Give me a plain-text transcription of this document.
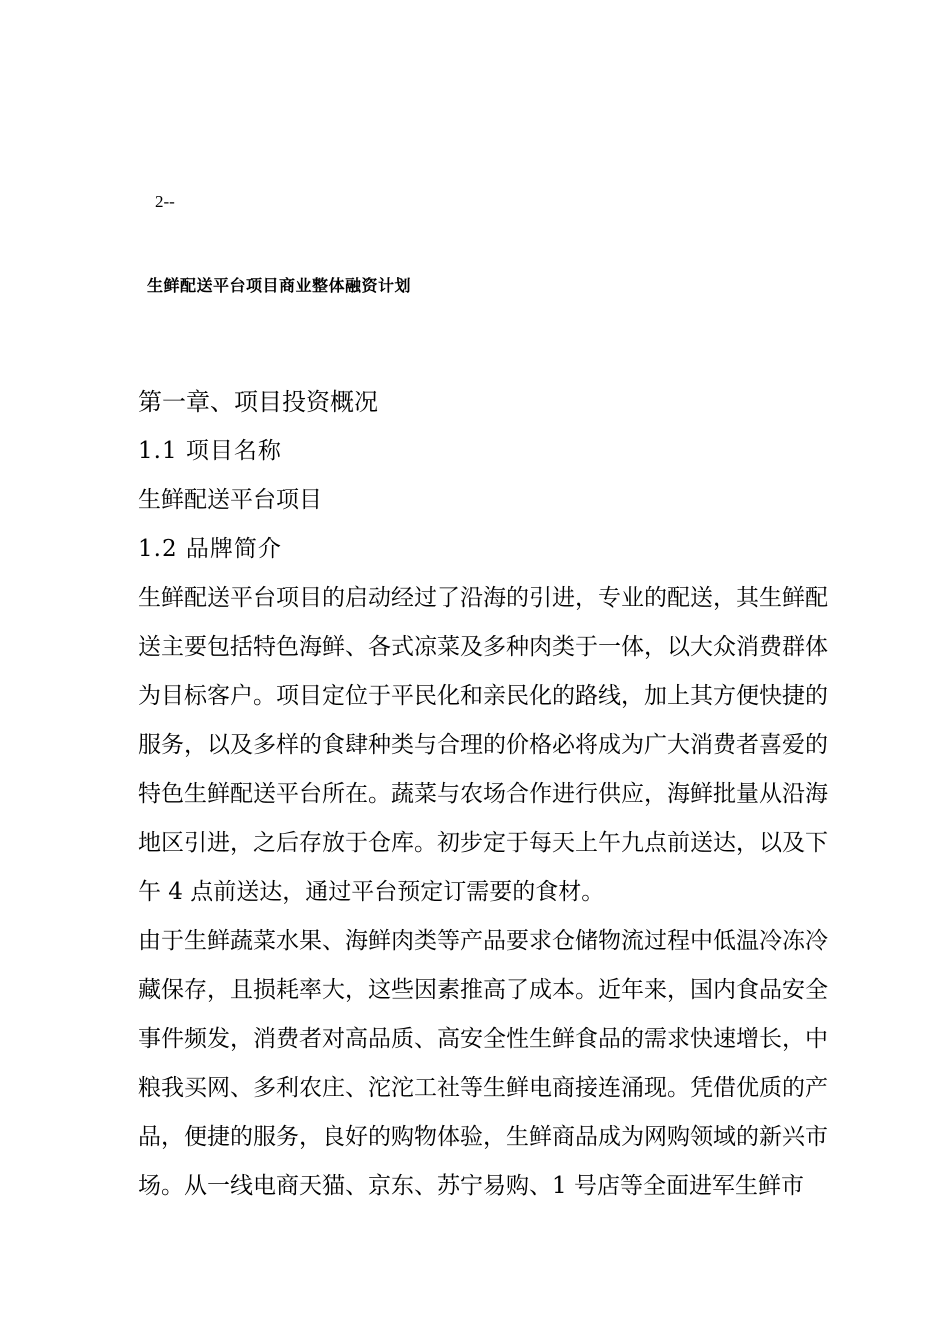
2--
生鲜配送平台项目商业整体融资计划
第一章、项目投资概况
1.1 项目名称
生鲜配送平台项目
1.2 品牌简介
生鲜配送平台项目的启动经过了沿海的引进，专业的配送，其生鲜配
送主要包括特色海鲜、各式凉菜及多种肉类于一体，以大众消费群体
为目标客户。项目定位于平民化和亲民化的路线，加上其方便快捷的
服务，以及多样的食肆种类与合理的价格必将成为广大消费者喜爱的
特色生鲜配送平台所在。蔬菜与农场合作进行供应，海鲜批量从沿海
地区引进，之后存放于仓库。初步定于每天上午九点前送达，以及下
午 4 点前送达，通过平台预定订需要的食材。
由于生鲜蔬菜水果、海鲜肉类等产品要求仓储物流过程中低温冷冻冷
藏保存，且损耗率大，这些因素推高了成本。近年来，国内食品安全
事件频发，消费者对高品质、高安全性生鲜食品的需求快速增长，中
粮我买网、多利农庄、沱沱工社等生鲜电商接连涌现。凭借优质的产
品，便捷的服务，良好的购物体验，生鲜商品成为网购领域的新兴市
场。从一线电商天猫、京东、苏宁易购、1 号店等全面进军生鲜市
